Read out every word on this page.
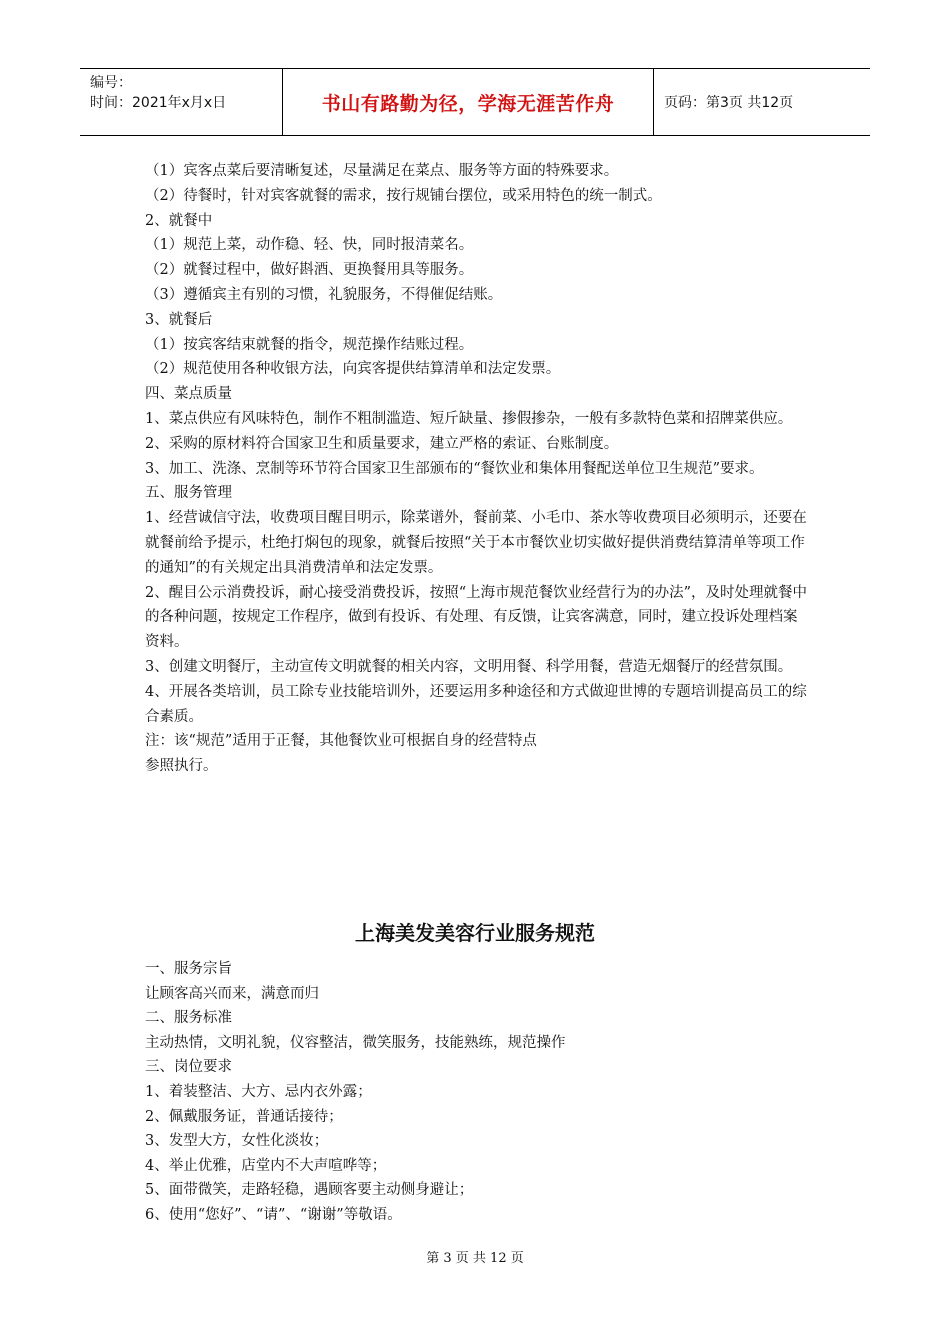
编号：
时间：2021年x月x日	书山有路勤为径，学海无涯苦作舟	页码：第3页 共12页

（1）宾客点菜后要清晰复述，尽量满足在菜点、服务等方面的特殊要求。

（2）待餐时，针对宾客就餐的需求，按行规铺台摆位，或采用特色的统一制式。

2、就餐中

（1）规范上菜，动作稳、轻、快，同时报清菜名。

（2）就餐过程中，做好斟酒、更换餐用具等服务。

（3）遵循宾主有别的习惯，礼貌服务，不得催促结账。

3、就餐后

（1）按宾客结束就餐的指令，规范操作结账过程。

（2）规范使用各种收银方法，向宾客提供结算清单和法定发票。

四、菜点质量

1、菜点供应有风味特色，制作不粗制滥造、短斤缺量、掺假掺杂，一般有多款特色菜和招牌菜供应。

2、采购的原材料符合国家卫生和质量要求，建立严格的索证、台账制度。

3、加工、洗涤、烹制等环节符合国家卫生部颁布的“餐饮业和集体用餐配送单位卫生规范”要求。

五、服务管理

1、经营诚信守法，收费项目醒目明示，除菜谱外，餐前菜、小毛巾、茶水等收费项目必须明示，还要在就餐前给予提示，杜绝打焖包的现象，就餐后按照“关于本市餐饮业切实做好提供消费结算清单等项工作的通知”的有关规定出具消费清单和法定发票。

2、醒目公示消费投诉，耐心接受消费投诉，按照“上海市规范餐饮业经营行为的办法”，及时处理就餐中的各种问题，按规定工作程序，做到有投诉、有处理、有反馈，让宾客满意，同时，建立投诉处理档案资料。

3、创建文明餐厅，主动宣传文明就餐的相关内容，文明用餐、科学用餐，营造无烟餐厅的经营氛围。

4、开展各类培训，员工除专业技能培训外，还要运用多种途径和方式做迎世博的专题培训提高员工的综合素质。

注：该“规范”适用于正餐，其他餐饮业可根据自身的经营特点

参照执行。

上海美发美容行业服务规范

一、服务宗旨

让顾客高兴而来，满意而归

二、服务标准

主动热情，文明礼貌，仪容整洁，微笑服务，技能熟练，规范操作

三、岗位要求

1、着装整洁、大方、忌内衣外露；

2、佩戴服务证，普通话接待；

3、发型大方，女性化淡妆；

4、举止优雅，店堂内不大声喧哗等；

5、面带微笑，走路轻稳，遇顾客要主动侧身避让；

6、使用“您好”、“请”、“谢谢”等敬语。

第 3 页 共 12 页
